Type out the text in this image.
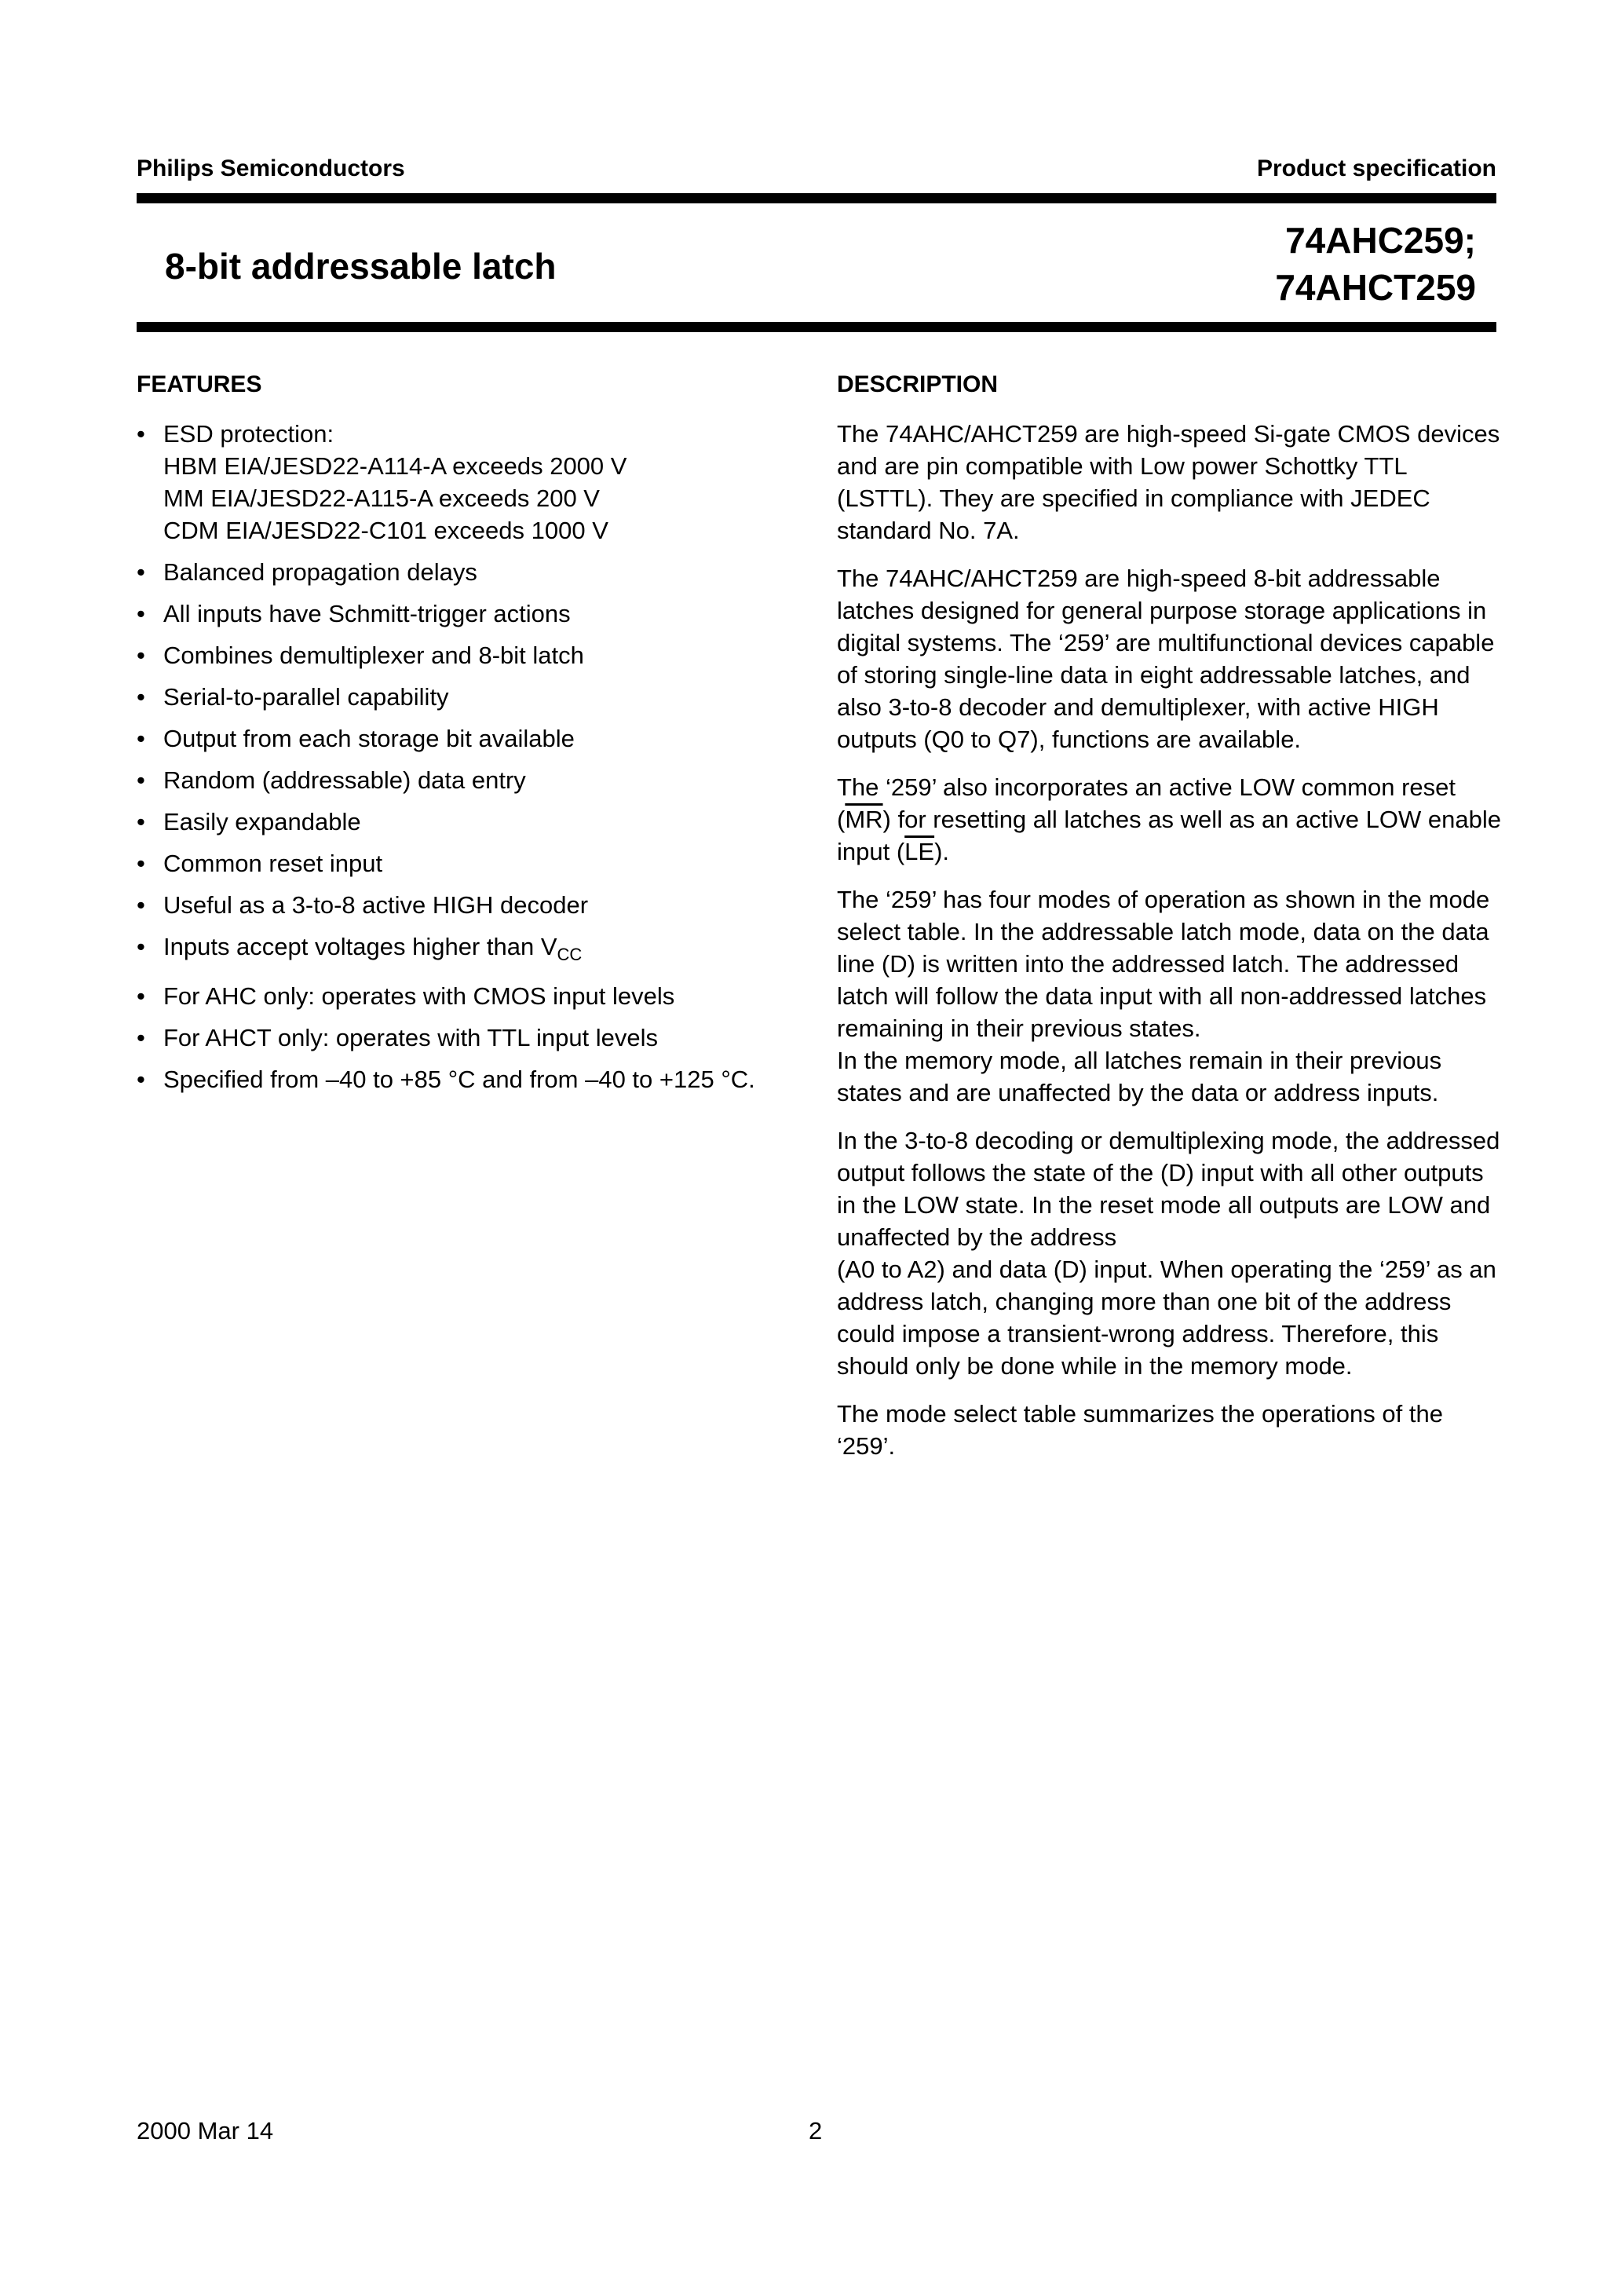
Philips Semiconductors	Product specification
8-bit addressable latch
74AHC259;
74AHCT259
FEATURES
• ESD protection:
HBM EIA/JESD22-A114-A exceeds 2000 V
MM EIA/JESD22-A115-A exceeds 200 V
CDM EIA/JESD22-C101 exceeds 1000 V
• Balanced propagation delays
• All inputs have Schmitt-trigger actions
• Combines demultiplexer and 8-bit latch
• Serial-to-parallel capability
• Output from each storage bit available
• Random (addressable) data entry
• Easily expandable
• Common reset input
• Useful as a 3-to-8 active HIGH decoder
• Inputs accept voltages higher than $V_{CC}$
• For AHC only: operates with CMOS input levels
• For AHCT only: operates with TTL input levels
• Specified from –40 to +85 °C and from –40 to +125 °C.
DESCRIPTION

The 74AHC/AHCT259 are high-speed Si-gate CMOS devices and are pin compatible with Low power Schottky TTL (LSTTL). They are specified in compliance with JEDEC standard No. 7A.

The 74AHC/AHCT259 are high-speed 8-bit addressable latches designed for general purpose storage applications in digital systems. The ‘259’ are multifunctional devices capable of storing single-line data in eight addressable latches, and also 3-to-8 decoder and demultiplexer, with active HIGH outputs (Q0 to Q7), functions are available.

The ‘259’ also incorporates an active LOW common reset $(\overline{MR})$ for resetting all latches as well as an active LOW enable input $(\overline{LE})$.

The ‘259’ has four modes of operation as shown in the mode select table. In the addressable latch mode, data on the data line (D) is written into the addressed latch. The addressed latch will follow the data input with all non-addressed latches remaining in their previous states.
In the memory mode, all latches remain in their previous states and are unaffected by the data or address inputs.

In the 3-to-8 decoding or demultiplexing mode, the addressed output follows the state of the (D) input with all other outputs in the LOW state. In the reset mode all outputs are LOW and unaffected by the address
(A0 to A2) and data (D) input. When operating the ‘259’ as an address latch, changing more than one bit of the address could impose a transient-wrong address. Therefore, this should only be done while in the memory mode.

The mode select table summarizes the operations of the ‘259’.

2000 Mar 14	2
